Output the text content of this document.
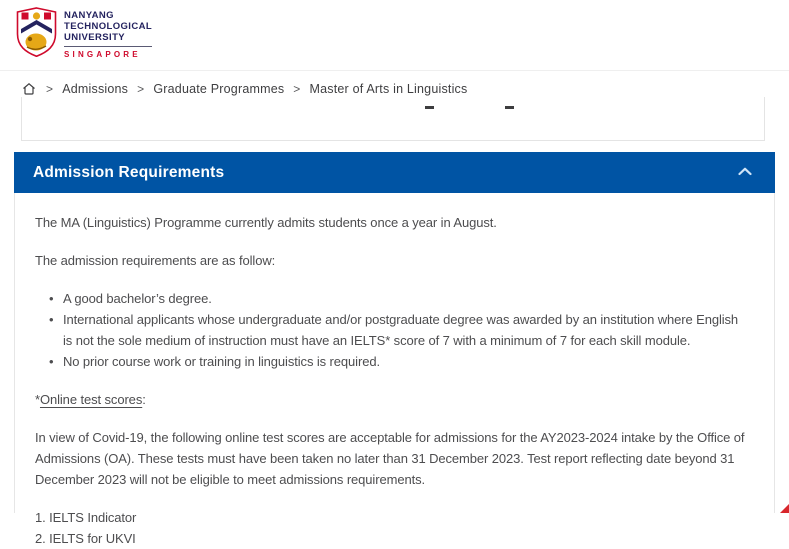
NANYANG
TECHNOLOGICAL
UNIVERSITY
SINGAPORE
> Admissions > Graduate Programmes > Master of Arts in Linguistics
Admission Requirements

The MA (Linguistics) Programme currently admits students once a year in August.

The admission requirements are as follow:

• A good bachelor’s degree.
• International applicants whose undergraduate and/or postgraduate degree was awarded by an institution where English is not the sole medium of instruction must have an IELTS* score of 7 with a minimum of 7 for each skill module.
• No prior course work or training in linguistics is required.
*Online test scores:

In view of Covid-19, the following online test scores are acceptable for admissions for the AY2023-2024 intake by the Office of Admissions (OA). These tests must have been taken no later than 31 December 2023. Test report reflecting date beyond 31 December 2023 will not be eligible to meet admissions requirements.

1. IELTS Indicator
2. IELTS for UKVI
